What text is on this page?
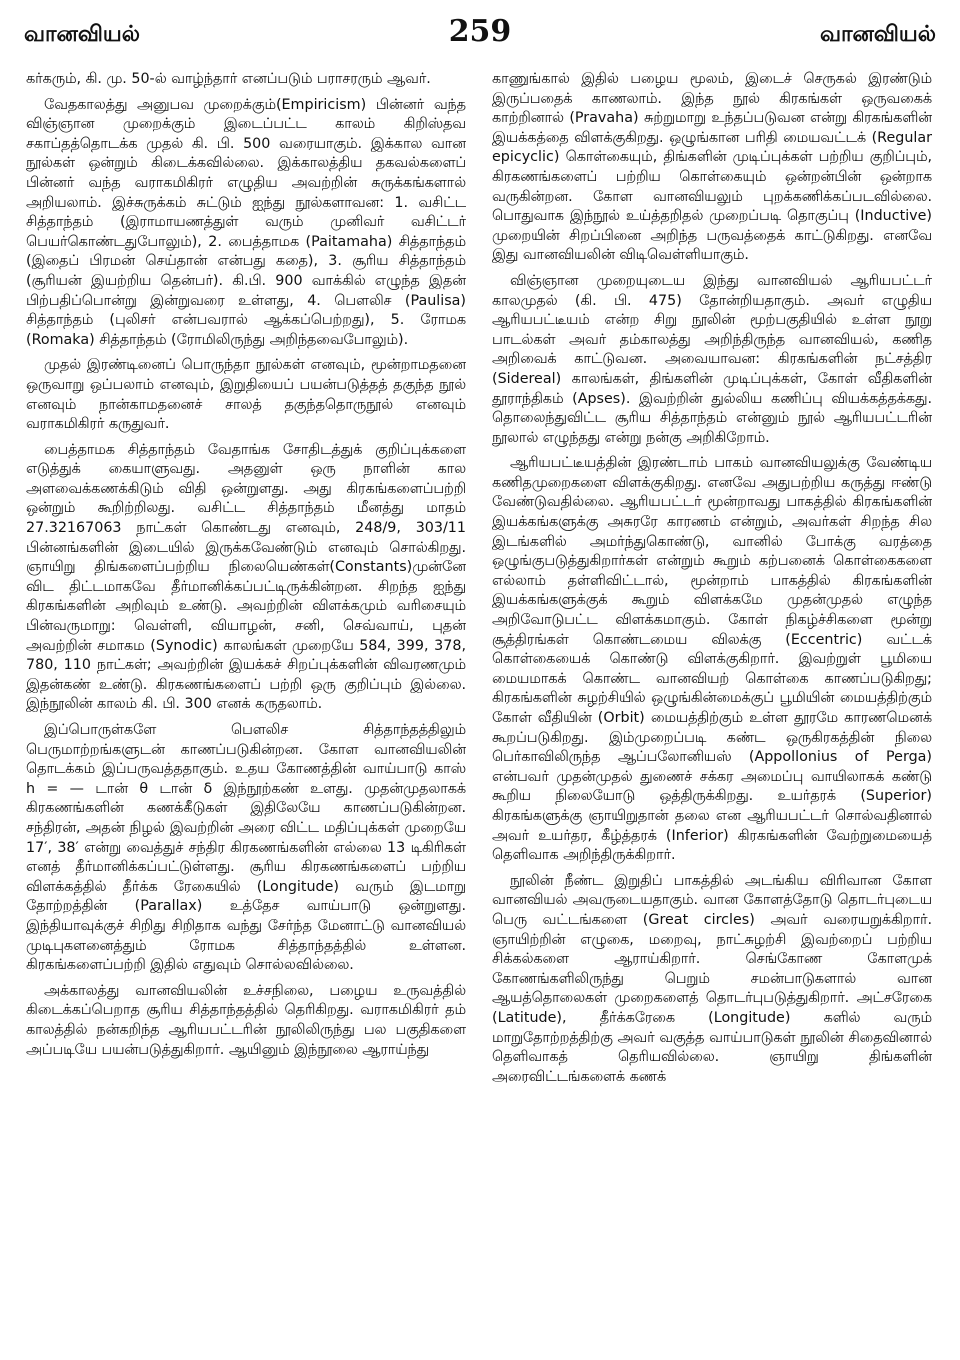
வானவியல்	259	வானவியல்

கர்கரும், கி. மு. 50-ல் வாழ்ந்தார் எனப்படும் பராசரரும் ஆவர்.

வேதகாலத்து அனுபவ முறைக்கும்(Empiricism) பின்னர் வந்த விஞ்ஞான முறைக்கும் இடைப்பட்ட காலம் கிறிஸ்தவ சகாப்தத்தொடக்க முதல் கி. பி. 500 வரையாகும். இக்கால வான நூல்கள் ஒன்றும் கிடைக்கவில்லை. இக்காலத்திய தகவல்களைப் பின்னர் வந்த வராகமிகிரர் எழுதிய அவற்றின் சுருக்கங்களால் அறியலாம். இச்சுருக்கம் சுட்டும் ஐந்து நூல்களாவன: 1. வசிட்ட சித்தாந்தம் (இராமாயணத்துள் வரும் முனிவர் வசிட்டர் பெயர்கொண்டதுபோலும்), 2. பைத்தாமக (Paitamaha) சித்தாந்தம் (இதைப் பிரமன் செய்தான் என்பது கதை), 3. சூரிய சித்தாந்தம் (சூரியன் இயற்றிய தென்பர்). கி.பி. 900 வாக்கில் எழுந்த இதன் பிற்பதிப்பொன்று இன்றுவரை உள்ளது, 4. பௌலிச (Paulisa) சித்தாந்தம் (புலிசர் என்பவரால் ஆக்கப்பெற்றது), 5. ரோமக (Romaka) சித்தாந்தம் (ரோமிலிருந்து அறிந்தவைபோலும்).

முதல் இரண்டினைப் பொருந்தா நூல்கள் எனவும், மூன்றாமதனை ஒருவாறு ஒப்பலாம் எனவும், இறுதியைப் பயன்படுத்தத் தகுந்த நூல் எனவும் நான்காமதனைச் சாலத் தகுந்ததொருநூல் எனவும் வராகமிகிரர் கருதுவர்.

பைத்தாமக சித்தாந்தம் வேதாங்க சோதிடத்துக் குறிப்புக்களை எடுத்துக் கையாளுவது. அதனுள் ஒரு நாளின் கால அளவைக்கணக்கிடும் விதி ஒன்றுளது. அது கிரகங்களைப்பற்றி ஒன்றும் கூறிற்றிலது. வசிட்ட சித்தாந்தம் மீனத்து மாதம் 27.32167063 நாட்கள் கொண்டது எனவும், 248/9, 303/11 பின்னங்களின் இடையில் இருக்கவேண்டும் எனவும் சொல்கிறது. ஞாயிறு திங்களைப்பற்றிய நிலையெண்கள்(Constants)முன்னே விட திட்டமாகவே தீர்மானிக்கப்பட்டிருக்கின்றன. சிறந்த ஐந்து கிரகங்களின் அறிவும் உண்டு. அவற்றின் விளக்கமும் வரிசையும் பின்வருமாறு: வெள்ளி, வியாழன், சனி, செவ்வாய், புதன் அவற்றின் சமாகம (Synodic) காலங்கள் முறையே 584, 399, 378, 780, 110 நாட்கள்; அவற்றின் இயக்கச் சிறப்புக்களின் விவரணமும் இதன்கண் உண்டு. கிரகணங்களைப் பற்றி ஒரு குறிப்பும் இல்லை. இந்நூலின் காலம் கி. பி. 300 எனக் கருதலாம்.

இப்பொருள்களே பௌலிச சித்தாந்தத்திலும் பெருமாற்றங்களுடன் காணப்படுகின்றன. கோள வானவியலின் தொடக்கம் இப்பருவத்ததாகும். உதய கோணத்தின் வாய்பாடு காஸ் h = — டான் θ டான் δ இந்நூற்கண் உளது. முதன்முதலாகக் கிரகணங்களின் கணக்கீடுகள் இதிலேயே காணப்படுகின்றன. சந்திரன், அதன் நிழல் இவற்றின் அரை விட்ட மதிப்புக்கள் முறையே 17′, 38′ என்று வைத்துச் சந்திர கிரகணங்களின் எல்லை 13 டிகிரிகள் எனத் தீர்மானிக்கப்பட்டுள்ளது. சூரிய கிரகணங்களைப் பற்றிய விளக்கத்தில் தீர்க்க ரேகையில் (Longitude) வரும் இடமாறு தோற்றத்தின் (Parallax) உத்தேச வாய்பாடு ஒன்றுளது. இந்தியாவுக்குச் சிறிது சிறிதாக வந்து சேர்ந்த மேனாட்டு வானவியல் முடிபுகளனைத்தும் ரோமக சித்தாந்தத்தில் உள்ளன. கிரகங்களைப்பற்றி இதில் எதுவும் சொல்லவில்லை.

அக்காலத்து வானவியலின் உச்சநிலை, பழைய உருவத்தில் கிடைக்கப்பெறாத சூரிய சித்தாந்தத்தில் தெரிகிறது. வராகமிகிரர் தம் காலத்தில் நன்கறிந்த ஆரியபட்டரின் நூலிலிருந்து பல பகுதிகளை அப்படியே பயன்படுத்துகிறார். ஆயினும் இந்நூலை ஆராய்ந்து

காணுங்கால் இதில் பழைய மூலம், இடைச் செருகல் இரண்டும் இருப்பதைக் காணலாம். இந்த நூல் கிரகங்கள் ஒருவகைக் காற்றினால் (Pravaha) சுற்றுமாறு உந்தப்படுவன என்று கிரகங்களின் இயக்கத்தை விளக்குகிறது. ஒழுங்கான பரிதி மையவட்டக் (Regular epicyclic) கொள்கையும், திங்களின் முடிப்புக்கள் பற்றிய குறிப்பும், கிரகணங்களைப் பற்றிய கொள்கையும் ஒன்றன்பின் ஒன்றாக வருகின்றன. கோள வானவியலும் புறக்கணிக்கப்படவில்லை. பொதுவாக இந்நூல் உய்த்தறிதல் முறைப்படி தொகுப்பு (Inductive) முறையின் சிறப்பினை அறிந்த பருவத்தைக் காட்டுகிறது. எனவே இது வானவியலின் விடிவெள்ளியாகும்.

விஞ்ஞான முறையுடைய இந்து வானவியல் ஆரியபட்டர் காலமுதல் (கி. பி. 475) தோன்றியதாகும். அவர் எழுதிய ஆரியபட்டீயம் என்ற சிறு நூலின் மூற்பகுதியில் உள்ள நூறு பாடல்கள் அவர் தம்காலத்து அறிந்திருந்த வானவியல், கணித அறிவைக் காட்டுவன. அவையாவன: கிரகங்களின் நட்சத்திர (Sidereal) காலங்கள், திங்களின் முடிப்புக்கள், கோள் வீதிகளின் தூராந்திகம் (Apses). இவற்றின் துல்லிய கணிப்பு வியக்கத்தக்கது. தொலைந்துவிட்ட சூரிய சித்தாந்தம் என்னும் நூல் ஆரியபட்டரின் நூலால் எழுந்தது என்று நன்கு அறிகிறோம்.

ஆரியபட்டீயத்தின் இரண்டாம் பாகம் வானவியலுக்கு வேண்டிய கணிதமுறைகளை விளக்குகிறது. எனவே அதுபற்றிய கருத்து ஈண்டு வேண்டுவதில்லை. ஆரியபட்டர் மூன்றாவது பாகத்தில் கிரகங்களின் இயக்கங்களுக்கு அசுரரே காரணம் என்றும், அவர்கள் சிறந்த சில இடங்களில் அமர்ந்துகொண்டு, வானில் போக்கு வரத்தை ஒழுங்குபடுத்துகிறார்கள் என்றும் கூறும் கற்பனைக் கொள்கைகளை எல்லாம் தள்ளிவிட்டால், மூன்றாம் பாகத்தில் கிரகங்களின் இயக்கங்களுக்குக் கூறும் விளக்கமே முதன்முதல் எழுந்த அறிவோடுபட்ட விளக்கமாகும். கோள் நிகழ்ச்சிகளை மூன்று சூத்திரங்கள் கொண்டமைய விலக்கு (Eccentric) வட்டக் கொள்கையைக் கொண்டு விளக்குகிறார். இவற்றுள் பூமியை மையமாகக் கொண்ட வானவியற் கொள்கை காணப்படுகிறது; கிரகங்களின் சுழற்சியில் ஒழுங்கின்மைக்குப் பூமியின் மையத்திற்கும் கோள் வீதியின் (Orbit) மையத்திற்கும் உள்ள தூரமே காரணமெனக் கூறப்படுகிறது. இம்முறைப்படி கண்ட ஒருகிரகத்தின் நிலை பெர்காவிலிருந்த ஆப்பலோனியஸ் (Appollonius of Perga) என்பவர் முதன்முதல் துணைச் சக்கர அமைப்பு வாயிலாகக் கண்டு கூறிய நிலையோடு ஒத்திருக்கிறது. உயர்தரக் (Superior) கிரகங்களுக்கு ஞாயிறுதான் தலை என ஆரியபட்டர் சொல்வதினால் அவர் உயர்தர, கீழ்த்தரக் (Inferior) கிரகங்களின் வேற்றுமையைத் தெளிவாக அறிந்திருக்கிறார்.

நூலின் நீண்ட இறுதிப் பாகத்தில் அடங்கிய விரிவான கோள வானவியல் அவருடையதாகும். வான கோளத்தோடு தொடர்புடைய பெரு வட்டங்களை (Great circles) அவர் வரையறுக்கிறார். ஞாயிற்றின் எழுகை, மறைவு, நாட்சுழற்சி இவற்றைப் பற்றிய சிக்கல்களை ஆராய்கிறார். செங்கோண கோளமுக் கோணங்களிலிருந்து பெறும் சமன்பாடுகளால் வான ஆயத்தொலைகள் முறைகளைத் தொடர்புபடுத்துகிறார். அட்சரேகை (Latitude), தீர்க்கரேகை (Longitude) களில் வரும் மாறுதோற்றத்திற்கு அவர் வகுத்த வாய்பாடுகள் நூலின் சிதைவினால் தெளிவாகத் தெரியவில்லை. ஞாயிறு திங்களின் அரைவிட்டங்களைக் கணக்
